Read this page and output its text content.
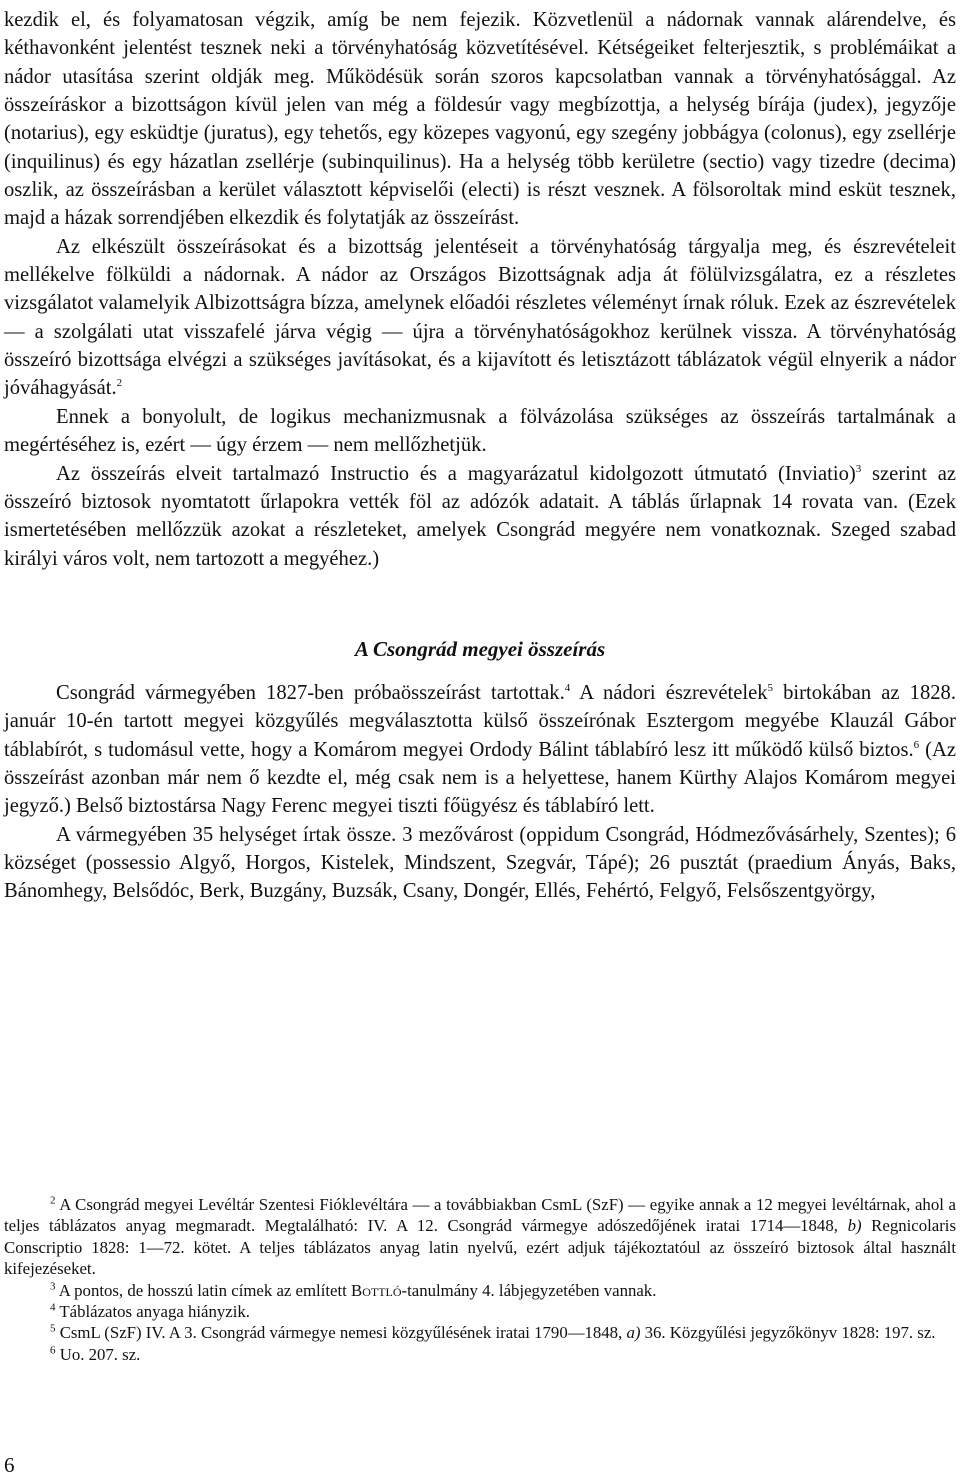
kezdik el, és folyamatosan végzik, amíg be nem fejezik. Közvetlenül a nádornak vannak alárendelve, és kéthavonként jelentést tesznek neki a törvényhatóság közvetítésével. Kétségeiket felterjesztik, s problémáikat a nádor utasítása szerint oldják meg. Működésük során szoros kapcsolatban vannak a törvényhatósággal. Az összeíráskor a bizottságon kívül jelen van még a földesúr vagy megbízottja, a helység bírája (judex), jegyzője (notarius), egy esküdtje (juratus), egy tehetős, egy közepes vagyonú, egy szegény jobbágya (colonus), egy zsellérje (inquilinus) és egy házatlan zsellérje (subinquilinus). Ha a helység több kerületre (sectio) vagy tizedre (decima) oszlik, az összeírásban a kerület választott képviselői (electi) is részt vesznek. A fölsoroltak mind esküt tesznek, majd a házak sorrendjében elkezdik és folytatják az összeírást.

Az elkészült összeírásokat és a bizottság jelentéseit a törvényhatóság tárgyalja meg, és észrevételeit mellékelve fölküldi a nádornak. A nádor az Országos Bizottságnak adja át fölülvizsgálatra, ez a részletes vizsgálatot valamelyik Albizottságra bízza, amelynek előadói részletes véleményt írnak róluk. Ezek az észrevételek — a szolgálati utat visszafelé járva végig — újra a törvényhatóságokhoz kerülnek vissza. A törvényhatóság összeíró bizottsága elvégzi a szükséges javításokat, és a kijavított és letisztázott táblázatok végül elnyerik a nádor jóváhagyását.$^2$

Ennek a bonyolult, de logikus mechanizmusnak a fölvázolása szükséges az összeírás tartalmának a megértéséhez is, ezért — úgy érzem — nem mellőzhetjük.

Az összeírás elveit tartalmazó Instructio és a magyarázatul kidolgozott útmutató (Inviatio)$^3$ szerint az összeíró biztosok nyomtatott űrlapokra vették föl az adózók adatait. A táblás űrlapnak 14 rovata van. (Ezek ismertetésében mellőzzük azokat a részleteket, amelyek Csongrád megyére nem vonatkoznak. Szeged szabad királyi város volt, nem tartozott a megyéhez.)

A Csongrád megyei összeírás

Csongrád vármegyében 1827-ben próbaösszeírást tartottak.$^4$ A nádori észrevételek$^5$ birtokában az 1828. január 10-én tartott megyei közgyűlés megválasztotta külső összeírónak Esztergom megyébe Klauzál Gábor táblabírót, s tudomásul vette, hogy a Komárom megyei Ordody Bálint táblabíró lesz itt működő külső biztos.$^6$ (Az összeírást azonban már nem ő kezdte el, még csak nem is a helyettese, hanem Kürthy Alajos Komárom megyei jegyző.) Belső biztostársa Nagy Ferenc megyei tiszti főügyész és táblabíró lett.

A vármegyében 35 helységet írtak össze. 3 mezővárost (oppidum Csongrád, Hódmezővásárhely, Szentes); 6 községet (possessio Algyő, Horgos, Kistelek, Mindszent, Szegvár, Tápé); 26 pusztát (praedium Ányás, Baks, Bánomhegy, Belsődóc, Berk, Buzgány, Buzsák, Csany, Dongér, Ellés, Fehértó, Felgyő, Felsőszentgyörgy,

$^2$ A Csongrád megyei Levéltár Szentesi Fióklevéltára — a továbbiakban CsmL (SzF) — egyike annak a 12 megyei levéltárnak, ahol a teljes táblázatos anyag megmaradt. Megtalálható: IV. A 12. Csongrád vármegye adószedőjének iratai 1714—1848, b) Regnicolaris Conscriptio 1828: 1—72. kötet. A teljes táblázatos anyag latin nyelvű, ezért adjuk tájékoztatóul az összeíró biztosok által használt kifejezéseket.

$^3$ A pontos, de hosszú latin címek az említett Bottló-tanulmány 4. lábjegyzetében vannak.

$^4$ Táblázatos anyaga hiányzik.

$^5$ CsmL (SzF) IV. A 3. Csongrád vármegye nemesi közgyűlésének iratai 1790—1848, a) 36. Közgyűlési jegyzőkönyv 1828: 197. sz.

$^6$ Uo. 207. sz.

6
